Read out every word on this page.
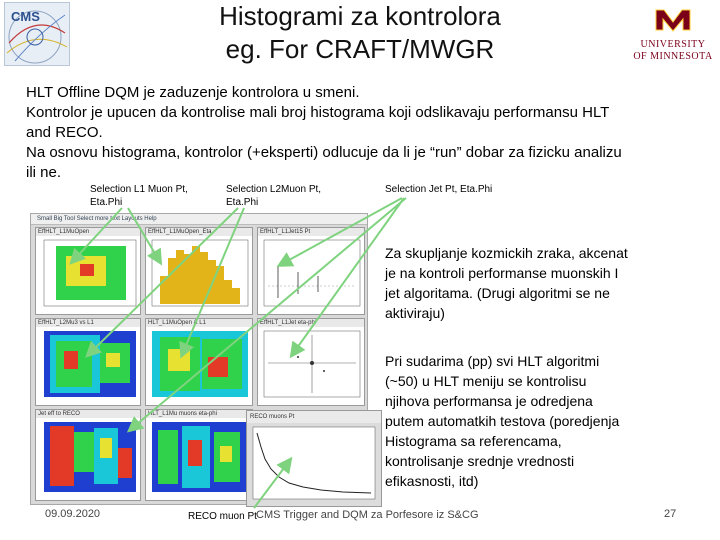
CMS	Histogrami za kontrolora
eg. For CRAFT/MWGR	UNIVERSITY
OF MINNESOTA

HLT Offline DQM je zaduzenje kontrolora u smeni.

Kontrolor je upucen da kontrolise mali broj histograma koji odslikavaju performansu HLT

and RECO.

Na osnovu histograma, kontrolor (+eksperti) odlucuje da li je “run” dobar za fizicku analizu

ili ne.

Selection L1 Muon Pt,
Eta.Phi
Selection L2Muon Pt,
Eta.Phi
Selection Jet Pt, Eta.Phi
Small Big Tool Select more text Layouts Help
EffHLT_L1MuOpen	EffHLT_L1MuOpen_Eta	EffHLT_L1Jet15 Pt
EffHLT_L2Mu3 vs L1	HLT_L1MuOpen & L1	EffHLT_L1Jet eta-phi
Jet eff to RECO	HLT_L1Mu muons eta-phi	RECO muons Pt
Za skupljanje kozmickih zraka, akcenat
je na kontroli performanse muonskih I
jet algoritama. (Drugi algoritmi se ne
aktiviraju)
Pri sudarima (pp) svi HLT algoritmi
(~50) u HLT meniju se kontrolisu
njihova performansa je odredjena
putem automatkih testova (poredjenja
Histograma sa referencama,
kontrolisanje srednje vrednosti
efikasnosti, itd)
09.09.2020	RECO muon Pt CMS Trigger and DQM za Porfesore iz S&CG	27
